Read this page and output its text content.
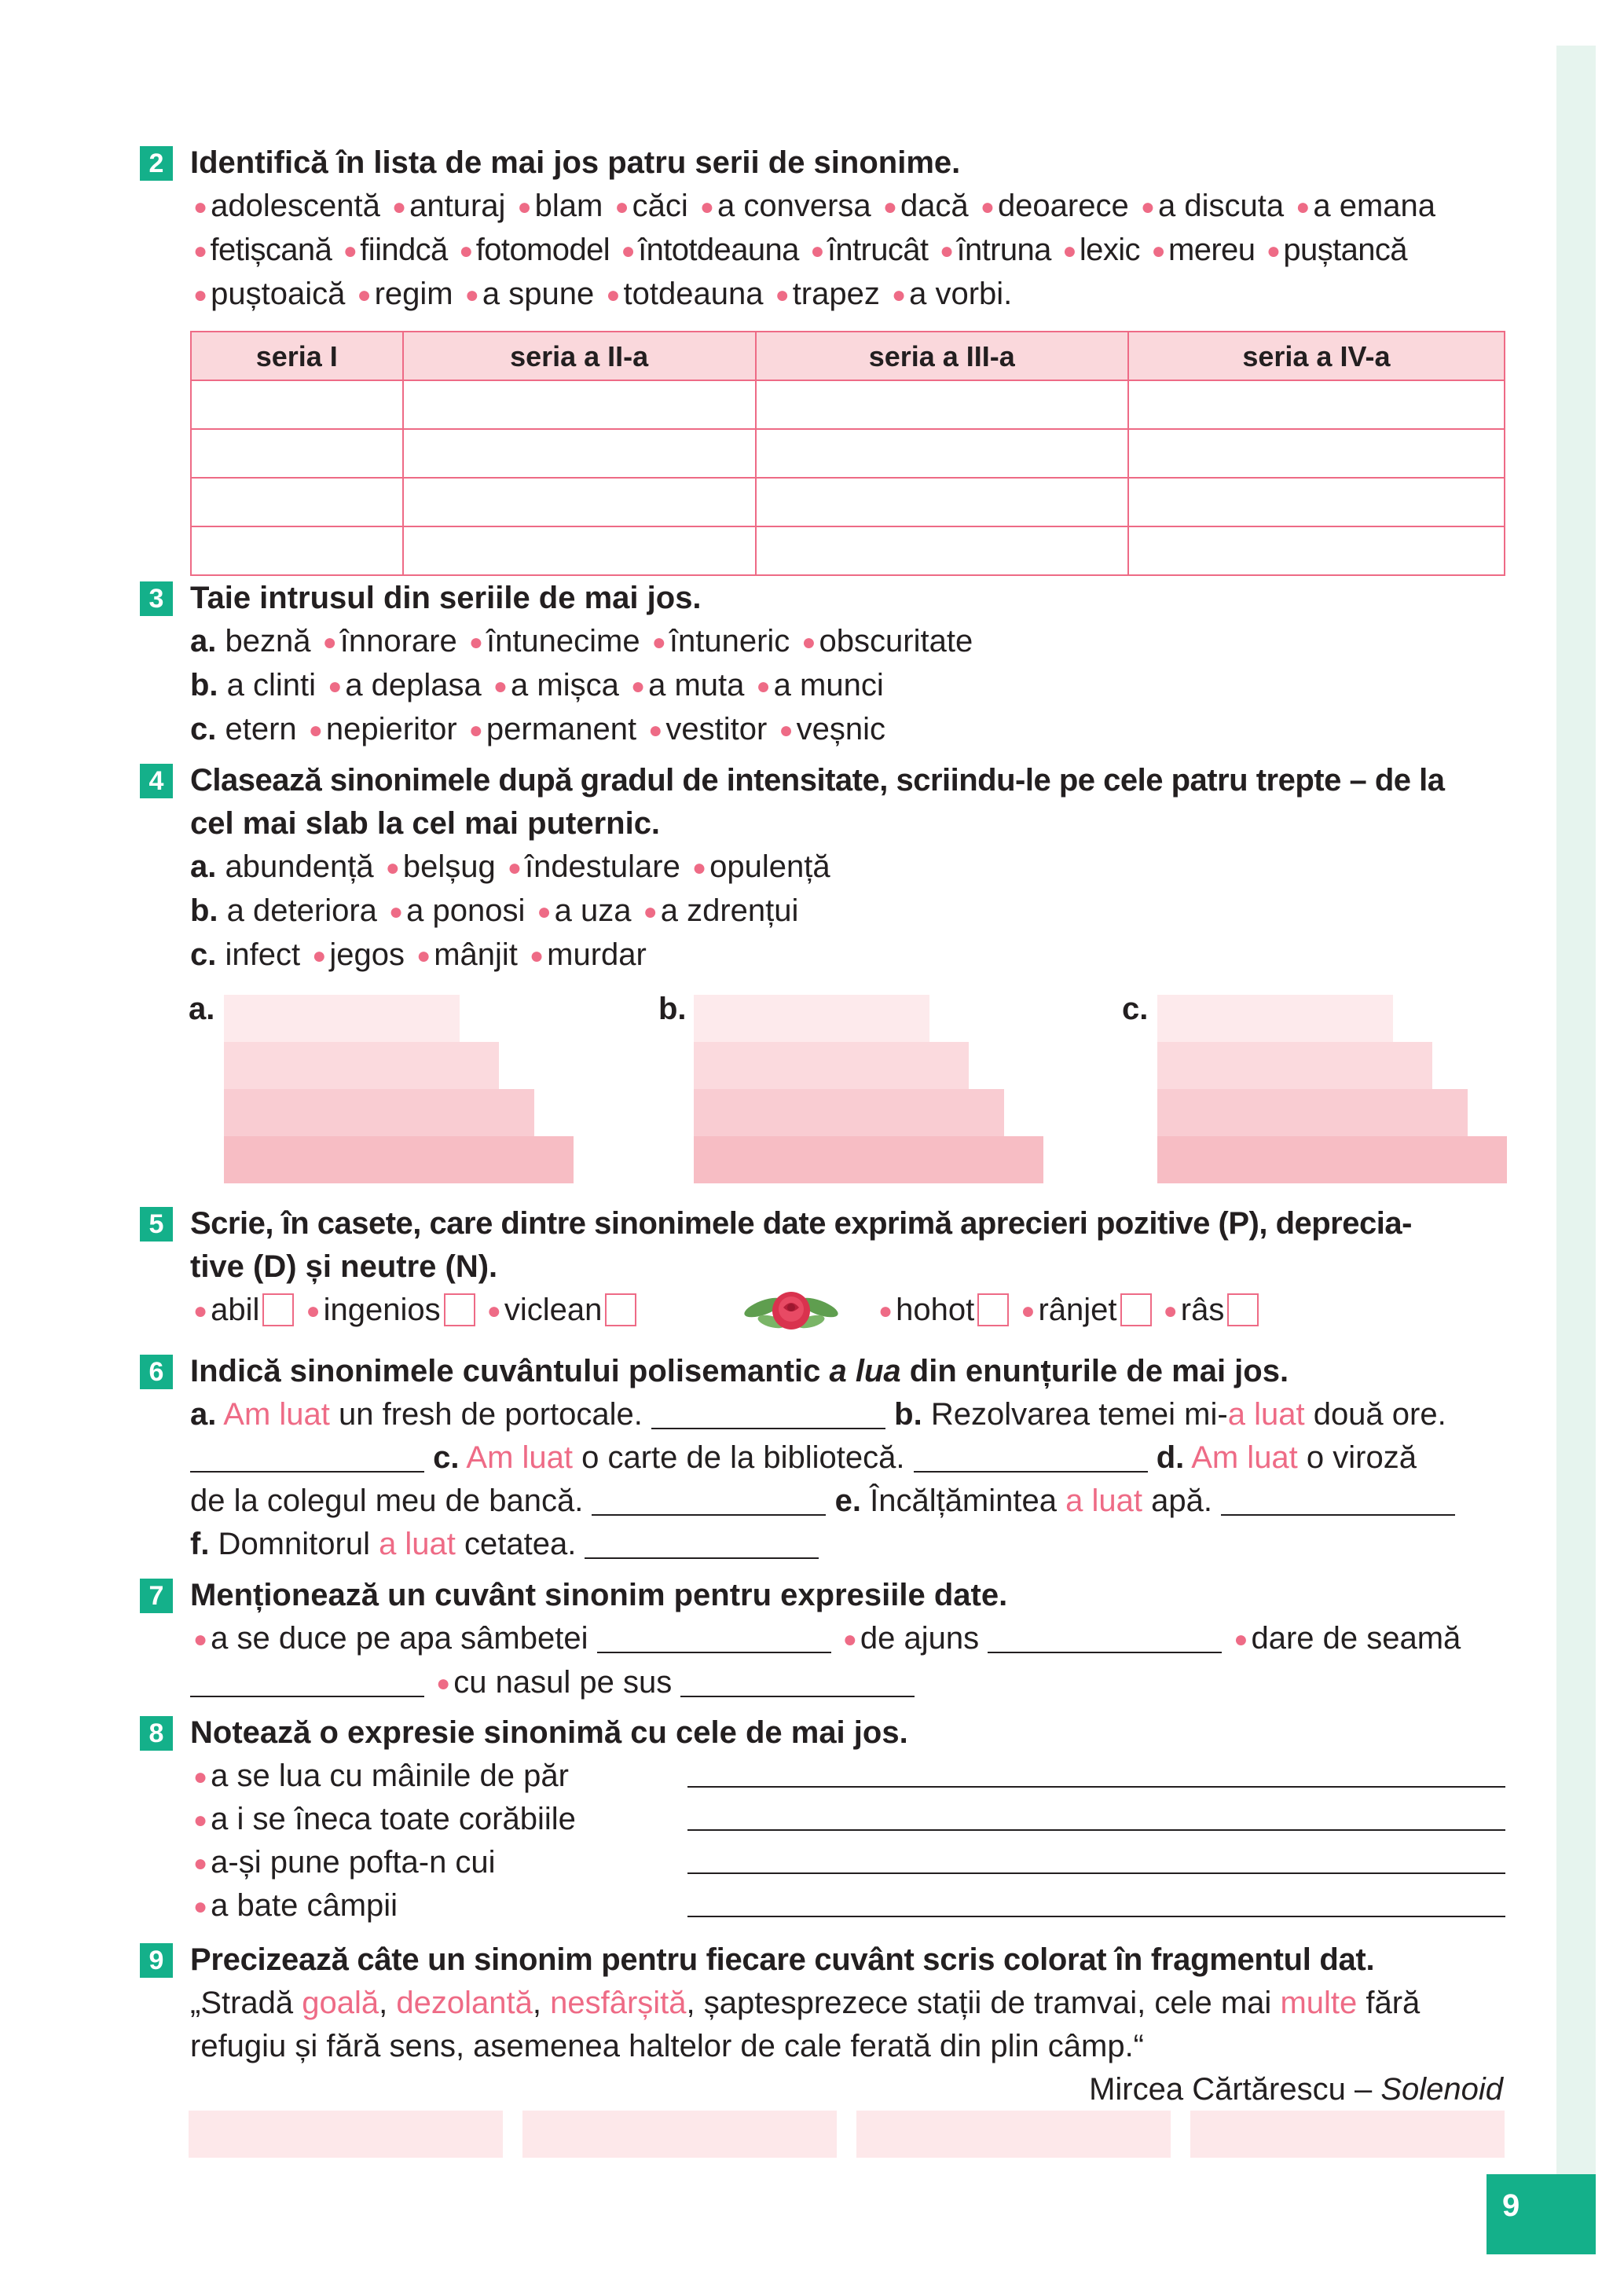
2 Identifică în lista de mai jos patru serii de sinonime.
● adolescentă ● anturaj ● blam ● căci ● a conversa ● dacă ● deoarece ● a discuta ● a emana
● fetișcană ● fiindcă ● fotomodel ● întotdeauna ● întrucât ● întruna ● lexic ● mereu ● puștancă
● puștoaică ● regim ● a spune ● totdeauna ● trapez ● a vorbi.
seria I	seria a II-a	seria a III-a	seria a IV-a

3 Taie intrusul din seriile de mai jos.
a. beznă ● înnorare ● întunecime ● întuneric ● obscuritate
b. a clinti ● a deplasa ● a mișca ● a muta ● a munci
c. etern ● nepieritor ● permanent ● vestitor ● veșnic
4 Clasează sinonimele după gradul de intensitate, scriindu-le pe cele patru trepte – de la
cel mai slab la cel mai puternic.
a. abundență ● belșug ● îndestulare ● opulență
b. a deteriora ● a ponosi ● a uza ● a zdrențui
c. infect ● jegos ● mânjit ● murdar
a.	b.	c.
5 Scrie, în casete, care dintre sinonimele date exprimă aprecieri pozitive (P), deprecia-
tive (D) și neutre (N).
● abil ● ingenios ● viclean	● hohot ● rânjet ● râs
6 Indică sinonimele cuvântului polisemantic a lua din enunțurile de mai jos.
a. Am luat un fresh de portocale.	b. Rezolvarea temei mi-a luat două ore.
c. Am luat o carte de la bibliotecă.	d. Am luat o viroză
de la colegul meu de bancă.	e. Încălțămintea a luat apă.
f. Domnitorul a luat cetatea.
7 Menționează un cuvânt sinonim pentru expresiile date.
● a se duce pe apa sâmbetei	● de ajuns	● dare de seamă
● cu nasul pe sus
8 Notează o expresie sinonimă cu cele de mai jos.
● a se lua cu mâinile de păr
● a i se îneca toate corăbiile
● a-și pune pofta-n cui
● a bate câmpii
9 Precizează câte un sinonim pentru fiecare cuvânt scris colorat în fragmentul dat.
„Stradă goală, dezolantă, nesfârșită, șaptesprezece stații de tramvai, cele mai multe fără
refugiu și fără sens, asemenea haltelor de cale ferată din plin câmp.“
Mircea Cărtărescu – Solenoid
9
